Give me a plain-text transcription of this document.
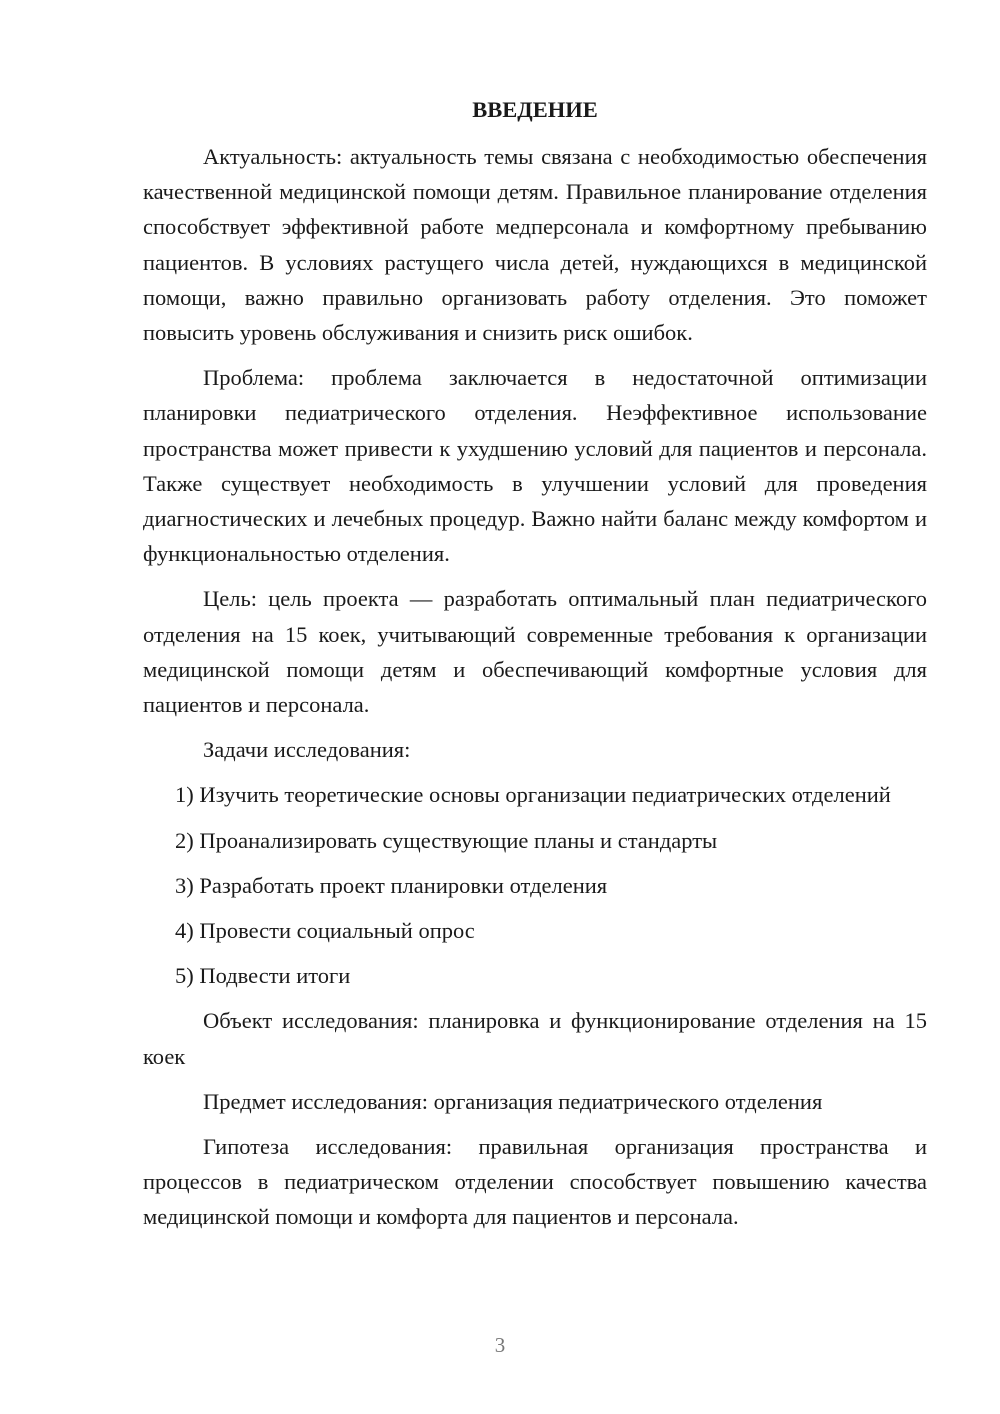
ВВЕДЕНИЕ

Актуальность: актуальность темы связана с необходимостью обеспечения качественной медицинской помощи детям. Правильное планирование отделения способствует эффективной работе медперсонала и комфортному пребыванию пациентов. В условиях растущего числа детей, нуждающихся в медицинской помощи, важно правильно организовать работу отделения. Это поможет повысить уровень обслуживания и снизить риск ошибок.

Проблема: проблема заключается в недостаточной оптимизации планировки педиатрического отделения. Неэффективное использование пространства может привести к ухудшению условий для пациентов и персонала. Также существует необходимость в улучшении условий для проведения диагностических и лечебных процедур. Важно найти баланс между комфортом и функциональностью отделения.

Цель: цель проекта — разработать оптимальный план педиатрического отделения на 15 коек, учитывающий современные требования к организации медицинской помощи детям и обеспечивающий комфортные условия для пациентов и персонала.

Задачи исследования:

1) Изучить теоретические основы организации педиатрических отделений

2) Проанализировать существующие планы и стандарты

3) Разработать проект планировки отделения

4) Провести социальный опрос

5) Подвести итоги

Объект исследования: планировка и функционирование отделения на 15 коек

Предмет исследования: организация педиатрического отделения

Гипотеза исследования: правильная организация пространства и процессов в педиатрическом отделении способствует повышению качества медицинской помощи и комфорта для пациентов и персонала.

3
